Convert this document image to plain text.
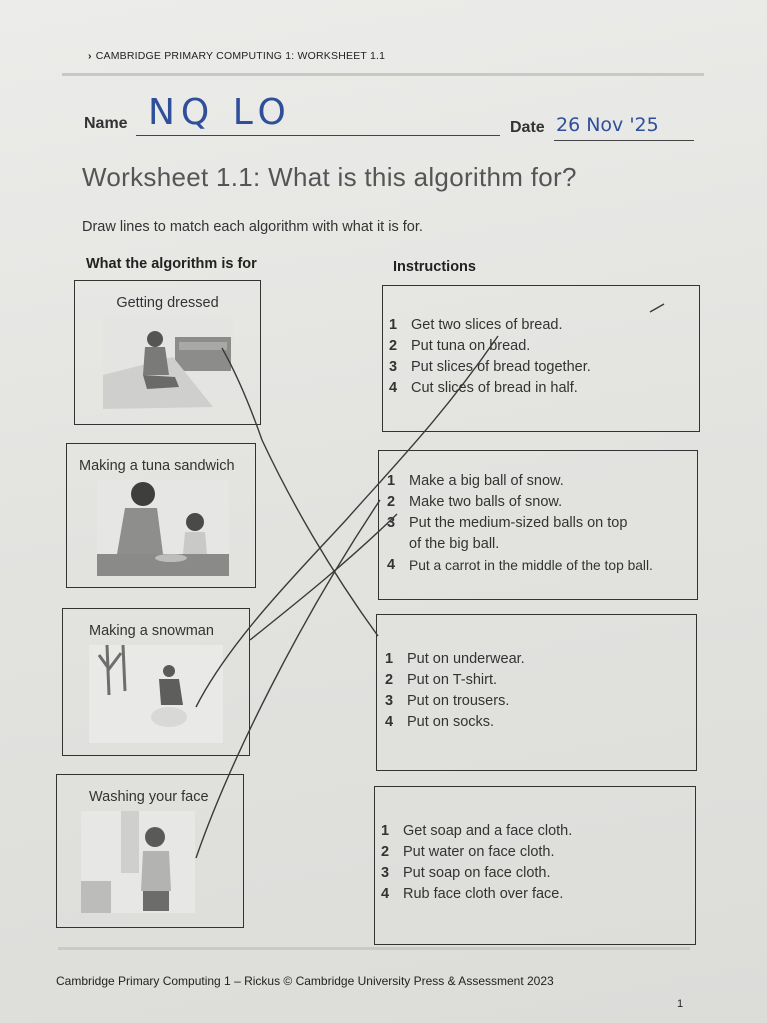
› CAMBRIDGE PRIMARY COMPUTING 1: WORKSHEET 1.1
Name NQ LO	Date 26 Nov '25
Worksheet 1.1: What is this algorithm for?
Draw lines to match each algorithm with what it is for.
What the algorithm is for	Instructions
Getting dressed
Making a tuna sandwich
Making a snowman
Washing your face
1 Get two slices of bread.
2 Put tuna on bread.
3 Put slices of bread together.
4 Cut slices of bread in half.
1 Make a big ball of snow.
2 Make two balls of snow.
3 Put the medium-sized balls on top of the big ball.
4	Put a carrot in the middle of the top ball.
1 Put on underwear.
2 Put on T-shirt.
3 Put on trousers.
4 Put on socks.
1 Get soap and a face cloth.
2 Put water on face cloth.
3 Put soap on face cloth.
4 Rub face cloth over face.
Cambridge Primary Computing 1 – Rickus © Cambridge University Press & Assessment 2023
1
